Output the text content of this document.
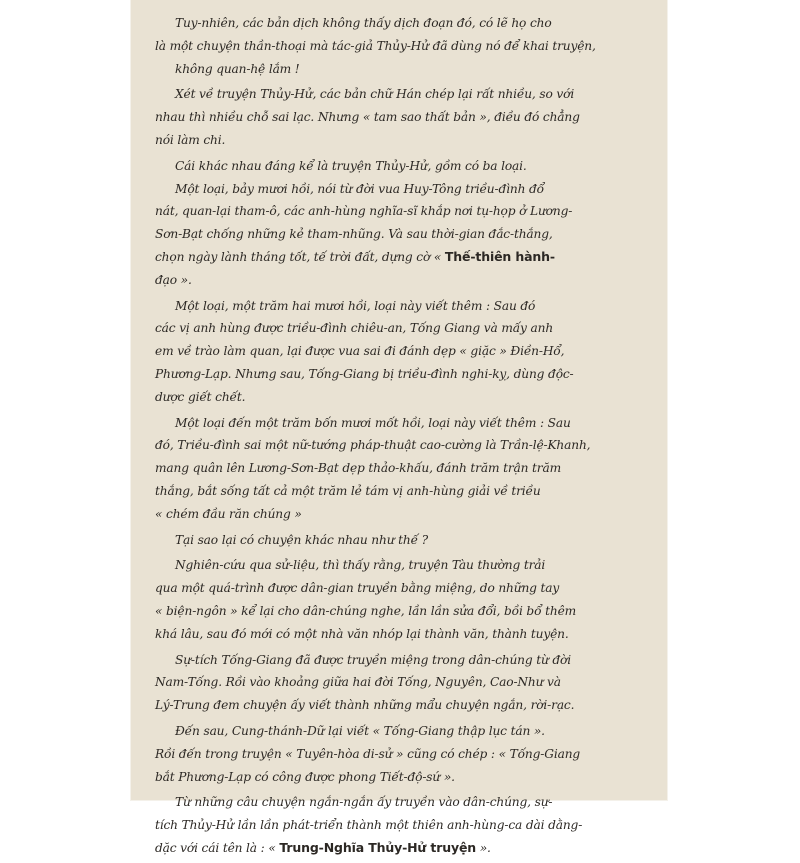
Tuy-nhiên, các bản dịch không thấy dịch đoạn đó, có lẽ họ cho
là một chuyện thần-thoại mà tác-giả Thủy-Hử đã dùng nó để khai truyện,
không quan-hệ lắm !
Xét về truyện Thủy-Hử, các bản chữ Hán chép lại rất nhiều, so với
nhau thì nhiều chỗ sai lạc. Nhưng « tam sao thất bản », điều đó chẳng
nói làm chi.
Cái khác nhau đáng kể là truyện Thủy-Hử, gồm có ba loại.
Một loại, bảy mươi hồi, nói từ đời vua Huy-Tông triều-đình đổ
nát, quan-lại tham-ô, các anh-hùng nghĩa-sĩ khắp nơi tụ-họp ở Lương-
Sơn-Bạt chống những kẻ tham-nhũng. Và sau thời-gian đắc-thắng,
chọn ngày lành tháng tốt, tế trời đất, dựng cờ « Thế-thiên hành-
đạo ».
Một loại, một trăm hai mươi hồi, loại này viết thêm : Sau đó
các vị anh hùng được triều-đình chiêu-an, Tống Giang và mấy anh
em về trào làm quan, lại được vua sai đi đánh dẹp « giặc » Điền-Hổ,
Phương-Lạp. Nhưng sau, Tống-Giang bị triều-đình nghi-kỵ, dùng độc-
dược giết chết.
Một loại đến một trăm bốn mươi mốt hồi, loại này viết thêm : Sau
đó, Triều-đình sai một nữ-tướng pháp-thuật cao-cường là Trần-lệ-Khanh,
mang quân lên Lương-Sơn-Bạt dẹp thảo-khấu, đánh trăm trận trăm
thắng, bắt sống tất cả một trăm lẻ tám vị anh-hùng giải về triều
« chém đầu răn chúng »
Tại sao lại có chuyện khác nhau như thế ?
Nghiên-cứu qua sử-liệu, thì thấy rằng, truyện Tàu thường trải
qua một quá-trình được dân-gian truyền bằng miệng, do những tay
« biện-ngôn » kể lại cho dân-chúng nghe, lần lần sửa đổi, bồi bổ thêm
khá lâu, sau đó mới có một nhà văn nhóp lại thành văn, thành tuyện.
Sự-tích Tống-Giang đã được truyền miệng trong dân-chúng từ đời
Nam-Tống. Rồi vào khoảng giữa hai đời Tống, Nguyên, Cao-Như và
Lý-Trung đem chuyện ấy viết thành những mẩu chuyện ngắn, rời-rạc.
Đến sau, Cung-thánh-Dữ lại viết « Tống-Giang thập lục tán ».
Rồi đến trong truyện « Tuyên-hòa di-sử » cũng có chép : « Tống-Giang
bắt Phương-Lạp có công được phong Tiết-độ-sứ ».
Từ những câu chuyện ngắn-ngắn ấy truyền vào dân-chúng, sự-
tích Thủy-Hử lần lần phát-triển thành một thiên anh-hùng-ca dài dằng-
dặc với cái tên là : « Trung-Nghĩa Thủy-Hử truyện ».
